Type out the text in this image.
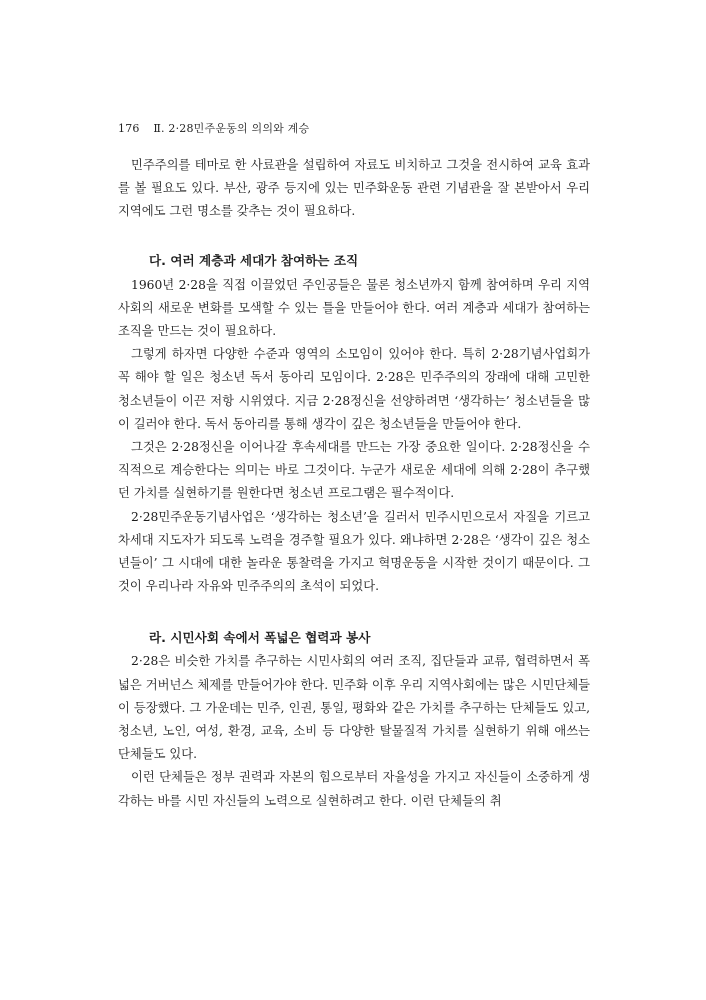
176 Ⅱ. 2·28민주운동의 의의와 계승

민주주의를 테마로 한 사료관을 설립하여 자료도 비치하고 그것을 전시하여 교육 효과를 볼 필요도 있다. 부산, 광주 등지에 있는 민주화운동 관련 기념관을 잘 본받아서 우리 지역에도 그런 명소를 갖추는 것이 필요하다.

다. 여러 계층과 세대가 참여하는 조직

1960년 2·28을 직접 이끌었던 주인공들은 물론 청소년까지 함께 참여하며 우리 지역사회의 새로운 변화를 모색할 수 있는 틀을 만들어야 한다. 여러 계층과 세대가 참여하는 조직을 만드는 것이 필요하다.

그렇게 하자면 다양한 수준과 영역의 소모임이 있어야 한다. 특히 2·28기념사업회가 꼭 해야 할 일은 청소년 독서 동아리 모임이다. 2·28은 민주주의의 장래에 대해 고민한 청소년들이 이끈 저항 시위였다. 지금 2·28정신을 선양하려면 ‘생각하는’ 청소년들을 많이 길러야 한다. 독서 동아리를 통해 생각이 깊은 청소년들을 만들어야 한다.

그것은 2·28정신을 이어나갈 후속세대를 만드는 가장 중요한 일이다. 2·28정신을 수직적으로 계승한다는 의미는 바로 그것이다. 누군가 새로운 세대에 의해 2·28이 추구했던 가치를 실현하기를 원한다면 청소년 프로그램은 필수적이다.

2·28민주운동기념사업은 ‘생각하는 청소년’을 길러서 민주시민으로서 자질을 기르고 차세대 지도자가 되도록 노력을 경주할 필요가 있다. 왜냐하면 2·28은 ‘생각이 깊은 청소년들이’ 그 시대에 대한 놀라운 통찰력을 가지고 혁명운동을 시작한 것이기 때문이다. 그것이 우리나라 자유와 민주주의의 초석이 되었다.

라. 시민사회 속에서 폭넓은 협력과 봉사

2·28은 비슷한 가치를 추구하는 시민사회의 여러 조직, 집단들과 교류, 협력하면서 폭 넓은 거버넌스 체제를 만들어가야 한다. 민주화 이후 우리 지역사회에는 많은 시민단체들이 등장했다. 그 가운데는 민주, 인권, 통일, 평화와 같은 가치를 추구하는 단체들도 있고, 청소년, 노인, 여성, 환경, 교육, 소비 등 다양한 탈물질적 가치를 실현하기 위해 애쓰는 단체들도 있다.

이런 단체들은 정부 권력과 자본의 힘으로부터 자율성을 가지고 자신들이 소중하게 생각하는 바를 시민 자신들의 노력으로 실현하려고 한다. 이런 단체들의 취
